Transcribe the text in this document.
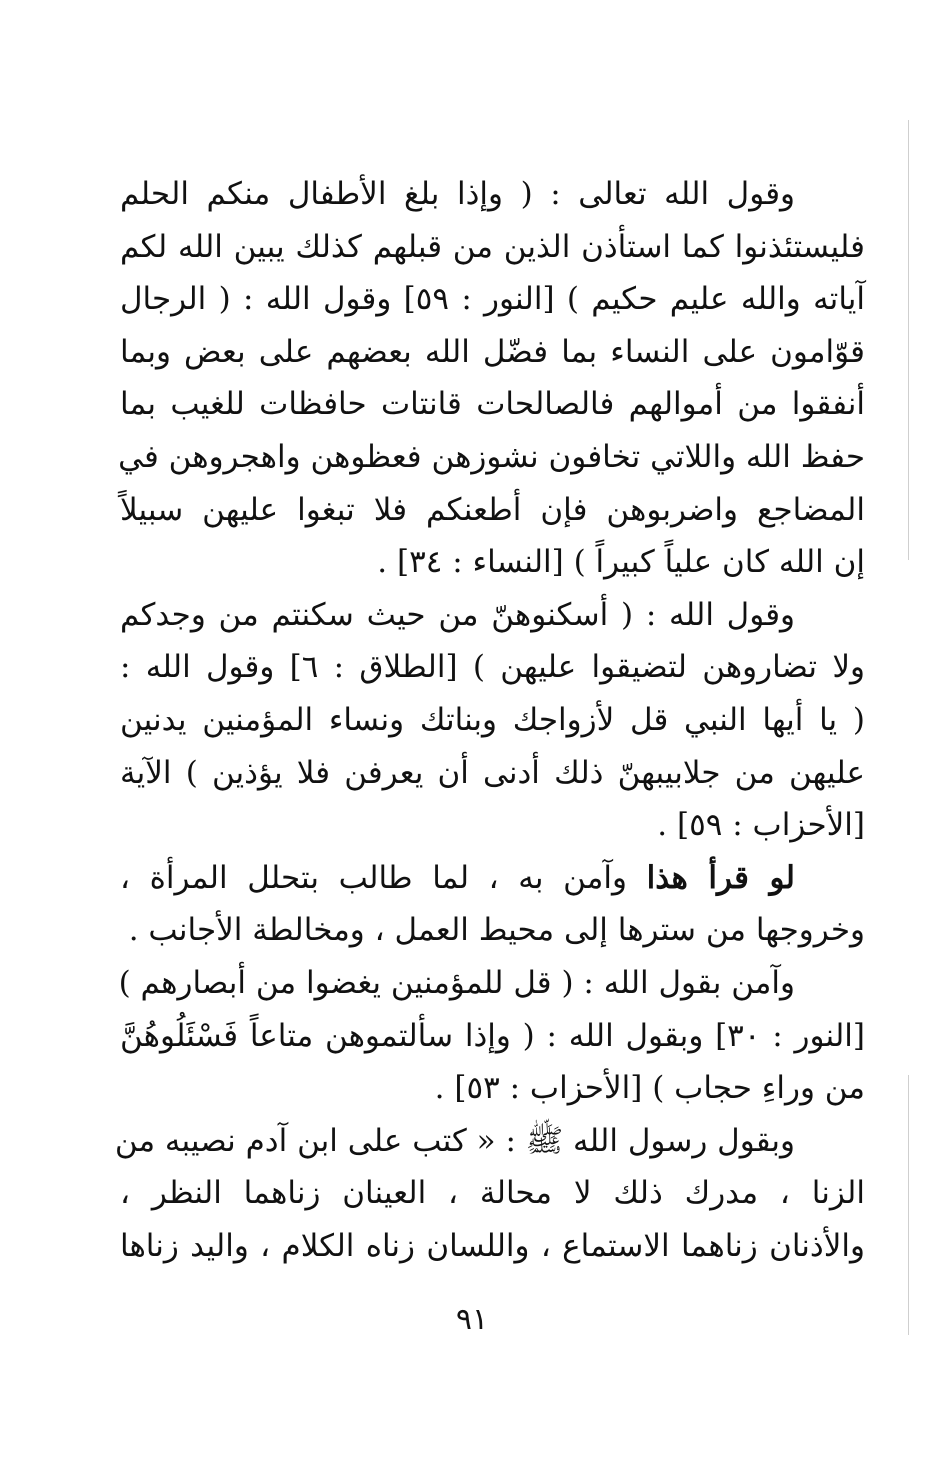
وقول الله تعالى : ( وإذا بلغ الأطفال منكم الحلم
فليستئذنوا كما استأذن الذين من قبلهم كذلك يبين الله لكم
آياته والله عليم حكيم ) [النور : ٥٩] وقول الله : ( الرجال
قوّامون على النساء بما فضّل الله بعضهم على بعض وبما
أنفقوا من أموالهم فالصالحات قانتات حافظات للغيب بما
حفظ الله واللاتي تخافون نشوزهن فعظوهن واهجروهن في
المضاجع واضربوهن فإن أطعنكم فلا تبغوا عليهن سبيلاً
إن الله كان علياً كبيراً ) [النساء : ٣٤] .

وقول الله : ( أسكنوهنّ من حيث سكنتم من وجدكم
ولا تضاروهن لتضيقوا عليهن ) [الطلاق : ٦] وقول الله :
( يا أيها النبي قل لأزواجك وبناتك ونساء المؤمنين يدنين
عليهن من جلابيبهنّ ذلك أدنى أن يعرفن فلا يؤذين ) الآية
[الأحزاب : ٥٩] .

لو قرأ هذا وآمن به ، لما طالب بتحلل المرأة ،
وخروجها من سترها إلى محيط العمل ، ومخالطة الأجانب .

وآمن بقول الله : ( قل للمؤمنين يغضوا من أبصارهم )
[النور : ٣٠] وبقول الله : ( وإذا سألتموهن متاعاً فَسْئَلُوهُنَّ
من وراءِ حجاب ) [الأحزاب : ٥٣] .

وبقول رسول الله ﷺ : « كتب على ابن آدم نصيبه من
الزنا ، مدرك ذلك لا محالة ، العينان زناهما النظر ،
والأذنان زناهما الاستماع ، واللسان زناه الكلام ، واليد زناها

٩١
